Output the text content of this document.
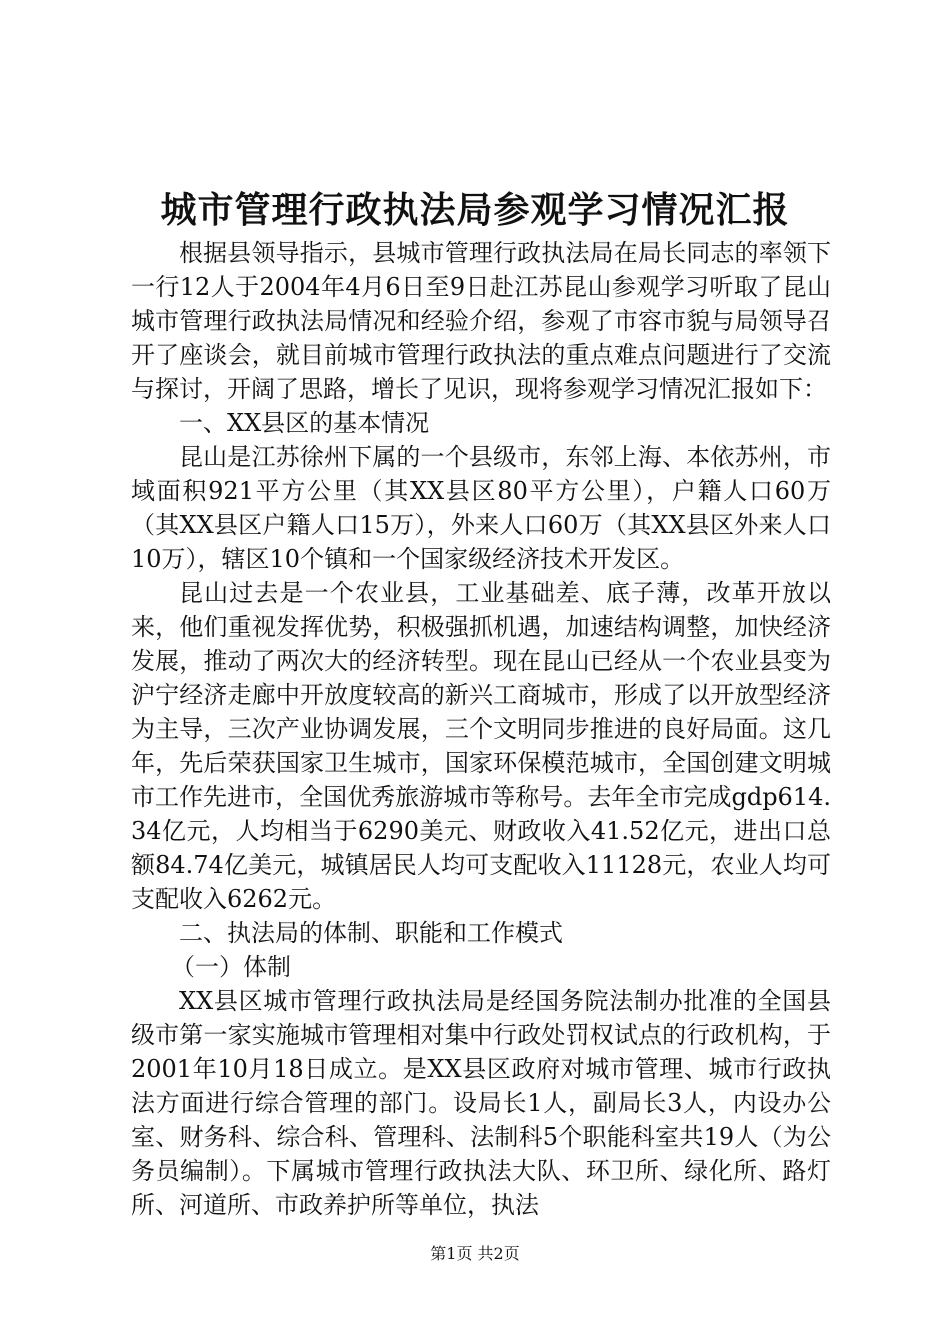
城市管理行政执法局参观学习情况汇报

根据县领导指示，县城市管理行政执法局在局长同志的率领下一行12人于2004年4月6日至9日赴江苏昆山参观学习听取了昆山城市管理行政执法局情况和经验介绍，参观了市容市貌与局领导召开了座谈会，就目前城市管理行政执法的重点难点问题进行了交流与探讨，开阔了思路，增长了见识，现将参观学习情况汇报如下：

一、XX县区的基本情况

昆山是江苏徐州下属的一个县级市，东邻上海、本依苏州，市域面积921平方公里（其XX县区80平方公里），户籍人口60万（其XX县区户籍人口15万），外来人口60万（其XX县区外来人口10万），辖区10个镇和一个国家级经济技术开发区。

昆山过去是一个农业县，工业基础差、底子薄，改革开放以来，他们重视发挥优势，积极强抓机遇，加速结构调整，加快经济发展，推动了两次大的经济转型。现在昆山已经从一个农业县变为沪宁经济走廊中开放度较高的新兴工商城市，形成了以开放型经济为主导，三次产业协调发展，三个文明同步推进的良好局面。这几年，先后荣获国家卫生城市，国家环保模范城市，全国创建文明城市工作先进市，全国优秀旅游城市等称号。去年全市完成gdp614.34亿元，人均相当于6290美元、财政收入41.52亿元，进出口总额84.74亿美元，城镇居民人均可支配收入11128元，农业人均可支配收入6262元。

二、执法局的体制、职能和工作模式

（一）体制

XX县区城市管理行政执法局是经国务院法制办批准的全国县级市第一家实施城市管理相对集中行政处罚权试点的行政机构，于2001年10月18日成立。是XX县区政府对城市管理、城市行政执法方面进行综合管理的部门。设局长1人，副局长3人，内设办公室、财务科、综合科、管理科、法制科5个职能科室共19人（为公务员编制）。下属城市管理行政执法大队、环卫所、绿化所、路灯所、河道所、市政养护所等单位，执法

第1页 共2页
